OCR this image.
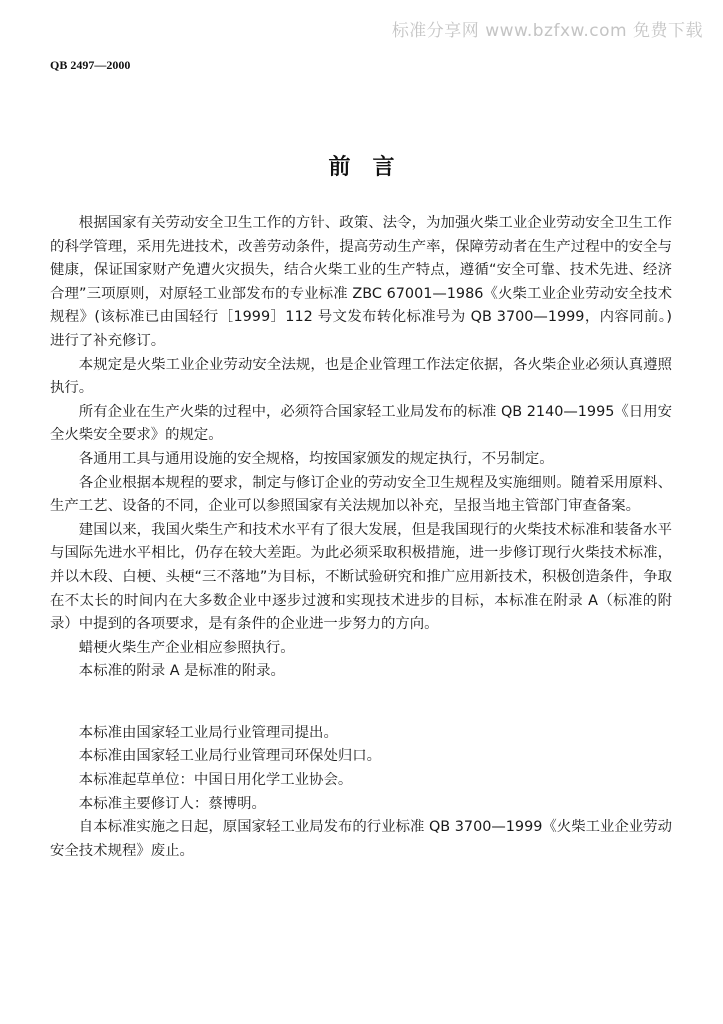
标准分享网 www.bzfxw.com 免费下载
QB 2497—2000
前言

根据国家有关劳动安全卫生工作的方针、政策、法令，为加强火柴工业企业劳动安全卫生工作的科学管理，采用先进技术，改善劳动条件，提高劳动生产率，保障劳动者在生产过程中的安全与健康，保证国家财产免遭火灾损失，结合火柴工业的生产特点，遵循“安全可靠、技术先进、经济合理”三项原则，对原轻工业部发布的专业标准 ZBC 67001—1986《火柴工业企业劳动安全技术规程》(该标准已由国轻行［1999］112 号文发布转化标准号为 QB 3700—1999，内容同前。)进行了补充修订。

本规定是火柴工业企业劳动安全法规，也是企业管理工作法定依据，各火柴企业必须认真遵照执行。

所有企业在生产火柴的过程中，必须符合国家轻工业局发布的标准 QB 2140—1995《日用安全火柴安全要求》的规定。

各通用工具与通用设施的安全规格，均按国家颁发的规定执行，不另制定。

各企业根据本规程的要求，制定与修订企业的劳动安全卫生规程及实施细则。随着采用原料、生产工艺、设备的不同，企业可以参照国家有关法规加以补充，呈报当地主管部门审查备案。

建国以来，我国火柴生产和技术水平有了很大发展，但是我国现行的火柴技术标准和装备水平与国际先进水平相比，仍存在较大差距。为此必须采取积极措施，进一步修订现行火柴技术标准，并以木段、白梗、头梗“三不落地”为目标，不断试验研究和推广应用新技术，积极创造条件，争取在不太长的时间内在大多数企业中逐步过渡和实现技术进步的目标，本标准在附录 A（标准的附录）中提到的各项要求，是有条件的企业进一步努力的方向。

蜡梗火柴生产企业相应参照执行。

本标准的附录 A 是标准的附录。

本标准由国家轻工业局行业管理司提出。

本标准由国家轻工业局行业管理司环保处归口。

本标准起草单位：中国日用化学工业协会。

本标准主要修订人：蔡博明。

自本标准实施之日起，原国家轻工业局发布的行业标准 QB 3700—1999《火柴工业企业劳动安全技术规程》废止。
